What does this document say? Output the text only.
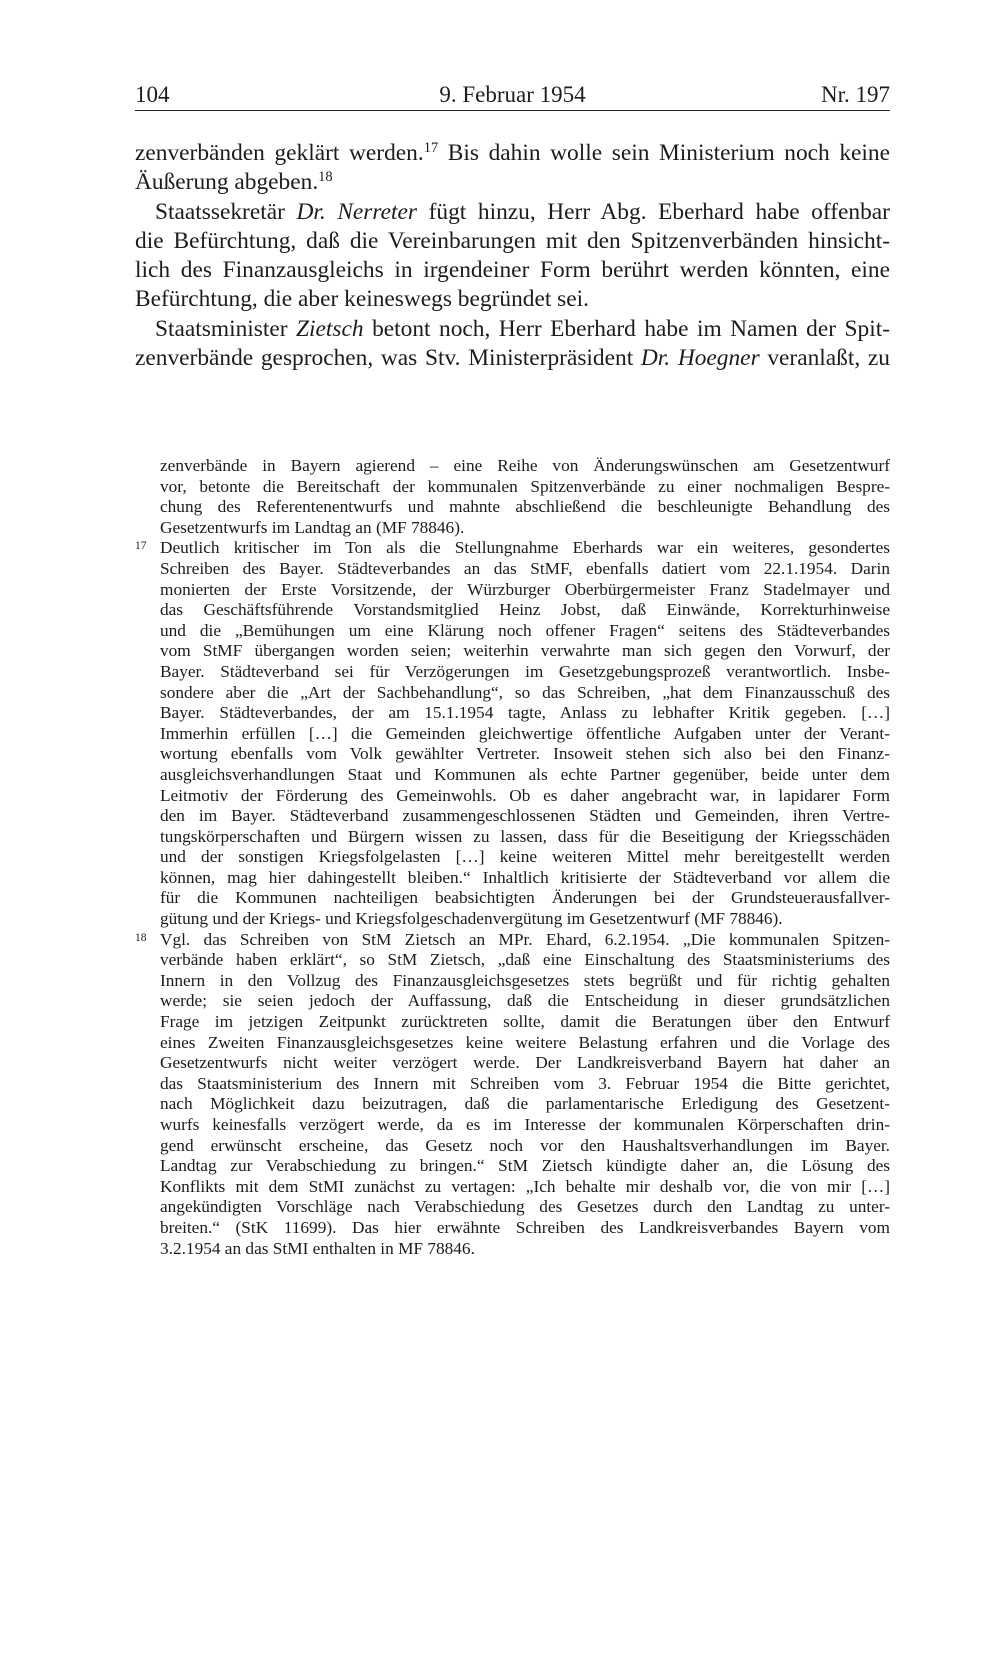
104	9. Februar 1954	Nr. 197
zenverbänden geklärt werden.$^{17}$ Bis dahin wolle sein Ministerium noch keine
Äußerung abgeben.$^{18}$
Staatssekretär Dr. Nerreter fügt hinzu, Herr Abg. Eberhard habe offenbar
die Befürchtung, daß die Vereinbarungen mit den Spitzenverbänden hinsicht-
lich des Finanzausgleichs in irgendeiner Form berührt werden könnten, eine
Befürchtung, die aber keineswegs begründet sei.
Staatsminister Zietsch betont noch, Herr Eberhard habe im Namen der Spit-
zenverbände gesprochen, was Stv. Ministerpräsident Dr. Hoegner veranlaßt, zu
zenverbände in Bayern agierend – eine Reihe von Änderungswünschen am Gesetzentwurf
vor, betonte die Bereitschaft der kommunalen Spitzenverbände zu einer nochmaligen Bespre-
chung des Referentenentwurfs und mahnte abschließend die beschleunigte Behandlung des
Gesetzentwurfs im Landtag an (MF 78846).
17 Deutlich kritischer im Ton als die Stellungnahme Eberhards war ein weiteres, gesondertes
Schreiben des Bayer. Städteverbandes an das StMF, ebenfalls datiert vom 22.1.1954. Darin
monierten der Erste Vorsitzende, der Würzburger Oberbürgermeister Franz Stadelmayer und
das Geschäftsführende Vorstandsmitglied Heinz Jobst, daß Einwände, Korrekturhinweise
und die „Bemühungen um eine Klärung noch offener Fragen“ seitens des Städteverbandes
vom StMF übergangen worden seien; weiterhin verwahrte man sich gegen den Vorwurf, der
Bayer. Städteverband sei für Verzögerungen im Gesetzgebungsprozeß verantwortlich. Insbe-
sondere aber die „Art der Sachbehandlung“, so das Schreiben, „hat dem Finanzausschuß des
Bayer. Städteverbandes, der am 15.1.1954 tagte, Anlass zu lebhafter Kritik gegeben. […]
Immerhin erfüllen […] die Gemeinden gleichwertige öffentliche Aufgaben unter der Verant-
wortung ebenfalls vom Volk gewählter Vertreter. Insoweit stehen sich also bei den Finanz-
ausgleichsverhandlungen Staat und Kommunen als echte Partner gegenüber, beide unter dem
Leitmotiv der Förderung des Gemeinwohls. Ob es daher angebracht war, in lapidarer Form
den im Bayer. Städteverband zusammengeschlossenen Städten und Gemeinden, ihren Vertre-
tungskörperschaften und Bürgern wissen zu lassen, dass für die Beseitigung der Kriegsschäden
und der sonstigen Kriegsfolgelasten […] keine weiteren Mittel mehr bereitgestellt werden
können, mag hier dahingestellt bleiben.“ Inhaltlich kritisierte der Städteverband vor allem die
für die Kommunen nachteiligen beabsichtigten Änderungen bei der Grundsteuerausfallver-
gütung und der Kriegs- und Kriegsfolgeschadenvergütung im Gesetzentwurf (MF 78846).
18 Vgl. das Schreiben von StM Zietsch an MPr. Ehard, 6.2.1954. „Die kommunalen Spitzen-
verbände haben erklärt“, so StM Zietsch, „daß eine Einschaltung des Staatsministeriums des
Innern in den Vollzug des Finanzausgleichsgesetzes stets begrüßt und für richtig gehalten
werde; sie seien jedoch der Auffassung, daß die Entscheidung in dieser grundsätzlichen
Frage im jetzigen Zeitpunkt zurücktreten sollte, damit die Beratungen über den Entwurf
eines Zweiten Finanzausgleichsgesetzes keine weitere Belastung erfahren und die Vorlage des
Gesetzentwurfs nicht weiter verzögert werde. Der Landkreisverband Bayern hat daher an
das Staatsministerium des Innern mit Schreiben vom 3. Februar 1954 die Bitte gerichtet,
nach Möglichkeit dazu beizutragen, daß die parlamentarische Erledigung des Gesetzent-
wurfs keinesfalls verzögert werde, da es im Interesse der kommunalen Körperschaften drin-
gend erwünscht erscheine, das Gesetz noch vor den Haushaltsverhandlungen im Bayer.
Landtag zur Verabschiedung zu bringen.“ StM Zietsch kündigte daher an, die Lösung des
Konflikts mit dem StMI zunächst zu vertagen: „Ich behalte mir deshalb vor, die von mir […]
angekündigten Vorschläge nach Verabschiedung des Gesetzes durch den Landtag zu unter-
breiten.“ (StK 11699). Das hier erwähnte Schreiben des Landkreisverbandes Bayern vom
3.2.1954 an das StMI enthalten in MF 78846.
